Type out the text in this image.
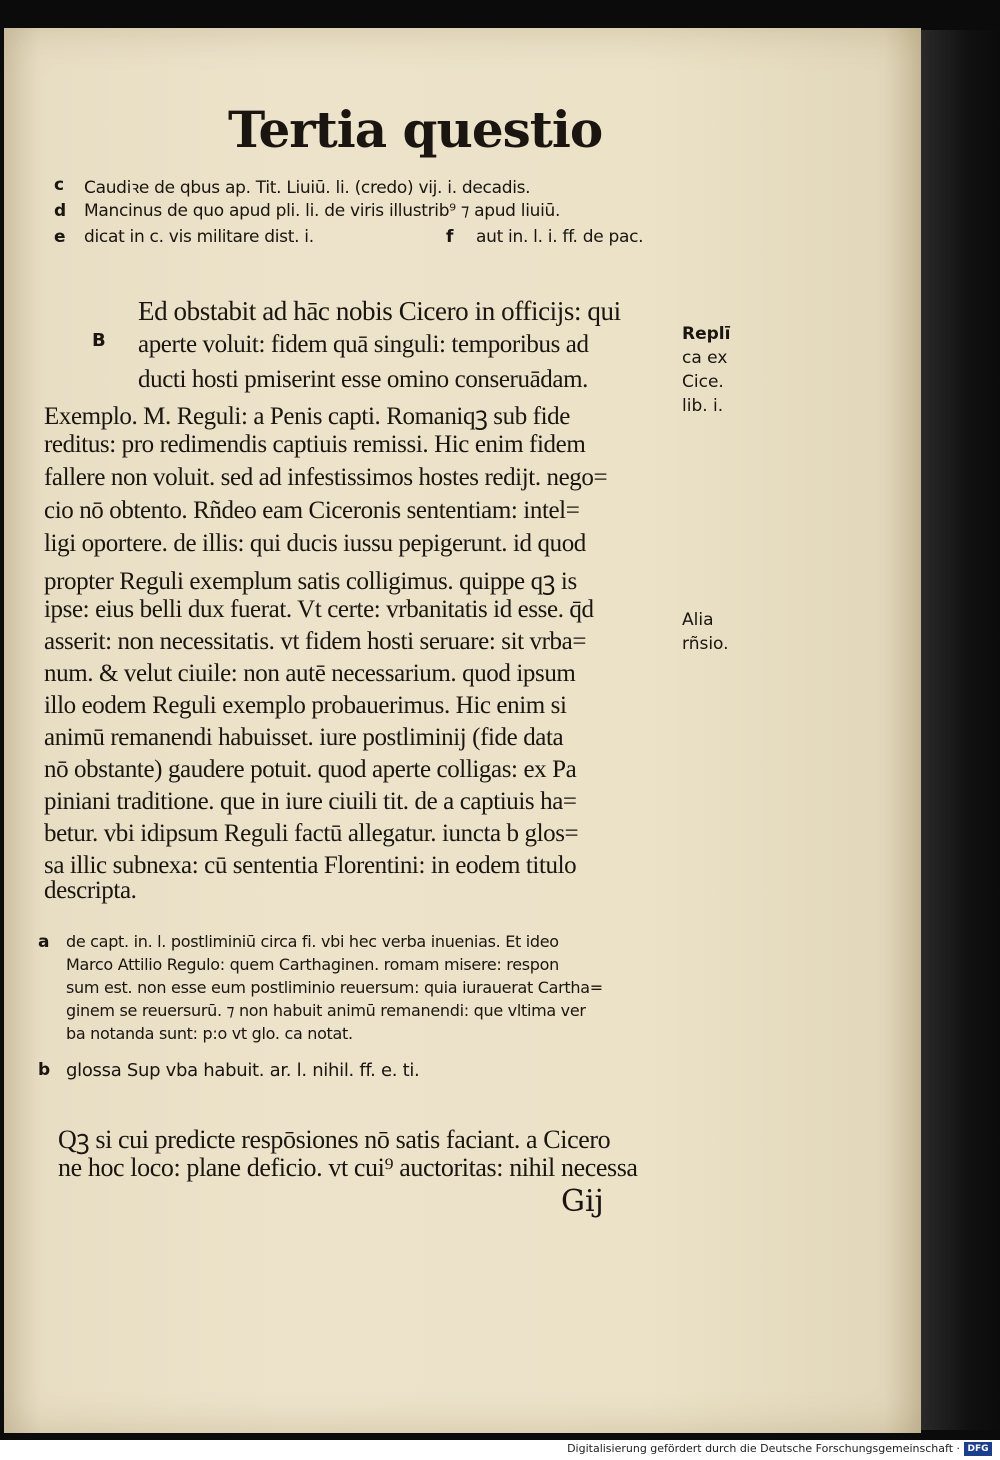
Tertia questio
c Caudiꝛe de qbus ap. Tit. Liuiū. li. (credo) vij. i. decadis.
d Mancinus de quo apud pli. li. de viris illustrib⁹ ⁊ apud liuiū.
e dicat in c. vis militare dist. i.	f aut in. l. i. ff. de pac.
B
Ed obstabit ad hāc nobis Cicero in officijs: qui
aperte voluit: fidem quā singuli: temporibus ad
ducti hosti pmiserint esse omino conseruādam.
Exemplo. M. Reguli: a Penis capti. Romaniqꝫ sub fide
reditus: pro redimendis captiuis remissi. Hic enim fidem
fallere non voluit. sed ad infestissimos hostes redijt. nego=
cio nō obtento. Rñdeo eam Ciceronis sententiam: intel=
ligi oportere. de illis: qui ducis iussu pepigerunt. id quod
propter Reguli exemplum satis colligimus. quippe qꝫ is
ipse: eius belli dux fuerat. Vt certe: vrbanitatis id esse. q̄d
asserit: non necessitatis. vt fidem hosti seruare: sit vrba=
num. & velut ciuile: non autē necessarium. quod ipsum
illo eodem Reguli exemplo probauerimus. Hic enim si
animū remanendi habuisset. iure postliminij (fide data
nō obstante) gaudere potuit. quod aperte colligas: ex Pa
piniani traditione. que in iure ciuili tit. de a captiuis ha=
betur. vbi idipsum Reguli factū allegatur. iuncta b glos=
sa illic subnexa: cū sententia Florentini: in eodem titulo
descripta.
Replī
ca ex
Cice.
lib. i.
Alia
rñsio.
a de capt. in. l. postliminiū circa fi. vbi hec verba inuenias. Et ideo
Marco Attilio Regulo: quem Carthaginen. romam misere: respon
sum est. non esse eum postliminio reuersum: quia iurauerat Cartha=
ginem se reuersurū. ⁊ non habuit animū remanendi: que vltima ver
ba notanda sunt: p:o vt glo. ca notat.
b glossa Sup vba habuit. ar. l. nihil. ff. e. ti.
Qꝫ si cui predicte respōsiones nō satis faciant. a Cicero
ne hoc loco: plane deficio. vt cui⁹ auctoritas: nihil necessa
Gij
Digitalisierung gefördert durch die Deutsche Forschungsgemeinschaft · DFG
